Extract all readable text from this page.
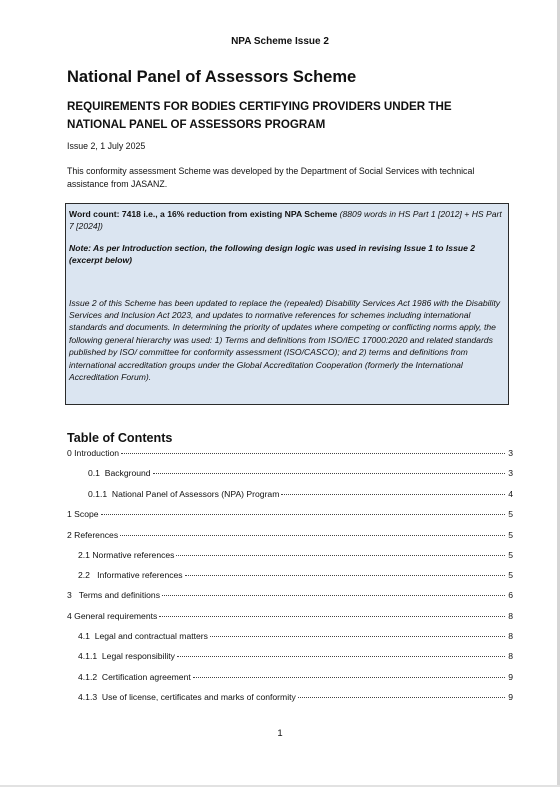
NPA Scheme Issue 2
National Panel of Assessors Scheme
REQUIREMENTS FOR BODIES CERTIFYING PROVIDERS UNDER THE NATIONAL PANEL OF ASSESSORS PROGRAM
Issue 2, 1 July 2025
This conformity assessment Scheme was developed by the Department of Social Services with technical assistance from JASANZ.

Word count: 7418 i.e., a 16% reduction from existing NPA Scheme (8809 words in HS Part 1 [2012] + HS Part 7 [2024])

Note: As per Introduction section, the following design logic was used in revising Issue 1 to Issue 2 (excerpt below)

Issue 2 of this Scheme has been updated to replace the (repealed) Disability Services Act 1986 with the Disability Services and Inclusion Act 2023, and updates to normative references for schemes including international standards and documents. In determining the priority of updates where competing or conflicting norms apply, the following general hierarchy was used: 1) Terms and definitions from ISO/IEC 17000:2020 and related standards published by ISO/ committee for conformity assessment (ISO/CASCO); and 2) terms and definitions from international accreditation groups under the Global Accreditation Cooperation (formerly the International Accreditation Forum).

Table of Contents
0 Introduction	3
0.1  Background	3
0.1.1  National Panel of Assessors (NPA) Program	4
1 Scope	5
2 References	5
2.1 Normative references	5
2.2   Informative references	5
3   Terms and definitions	6
4 General requirements	8
4.1  Legal and contractual matters	8
4.1.1  Legal responsibility	8
4.1.2  Certification agreement	9
4.1.3  Use of license, certificates and marks of conformity	9
1
